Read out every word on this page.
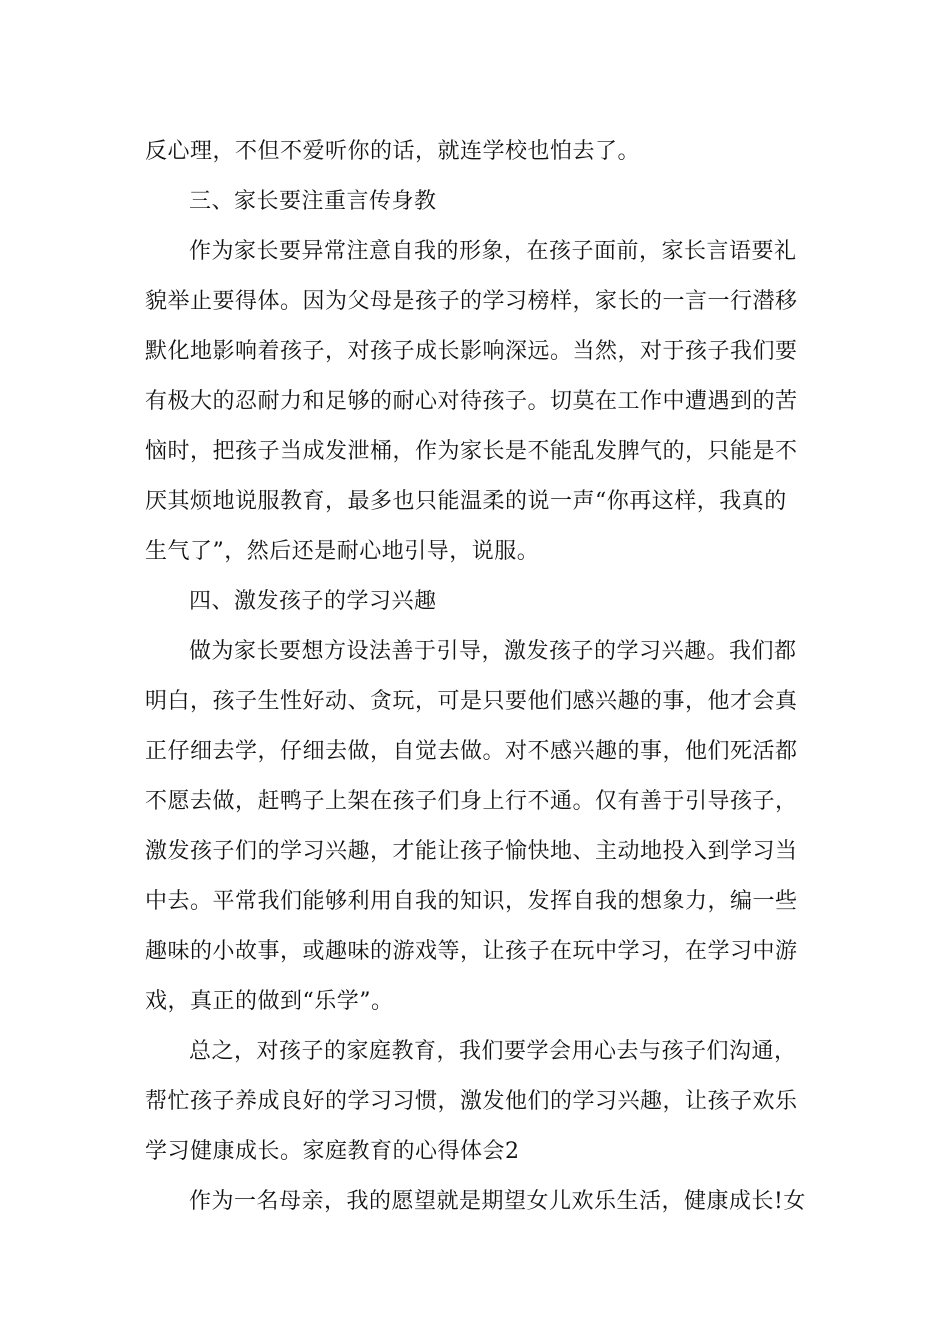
反心理，不但不爱听你的话，就连学校也怕去了。
三、家长要注重言传身教
作为家长要异常注意自我的形象，在孩子面前，家长言语要礼
貌举止要得体。因为父母是孩子的学习榜样，家长的一言一行潜移
默化地影响着孩子，对孩子成长影响深远。当然，对于孩子我们要
有极大的忍耐力和足够的耐心对待孩子。切莫在工作中遭遇到的苦
恼时，把孩子当成发泄桶，作为家长是不能乱发脾气的，只能是不
厌其烦地说服教育，最多也只能温柔的说一声“你再这样，我真的
生气了”，然后还是耐心地引导，说服。
四、激发孩子的学习兴趣
做为家长要想方设法善于引导，激发孩子的学习兴趣。我们都
明白，孩子生性好动、贪玩，可是只要他们感兴趣的事，他才会真
正仔细去学，仔细去做，自觉去做。对不感兴趣的事，他们死活都
不愿去做，赶鸭子上架在孩子们身上行不通。仅有善于引导孩子，
激发孩子们的学习兴趣，才能让孩子愉快地、主动地投入到学习当
中去。平常我们能够利用自我的知识，发挥自我的想象力，编一些
趣味的小故事，或趣味的游戏等，让孩子在玩中学习，在学习中游
戏，真正的做到“乐学”。
总之，对孩子的家庭教育，我们要学会用心去与孩子们沟通，
帮忙孩子养成良好的学习习惯，激发他们的学习兴趣，让孩子欢乐
学习健康成长。家庭教育的心得体会2
作为一名母亲，我的愿望就是期望女儿欢乐生活，健康成长!女
